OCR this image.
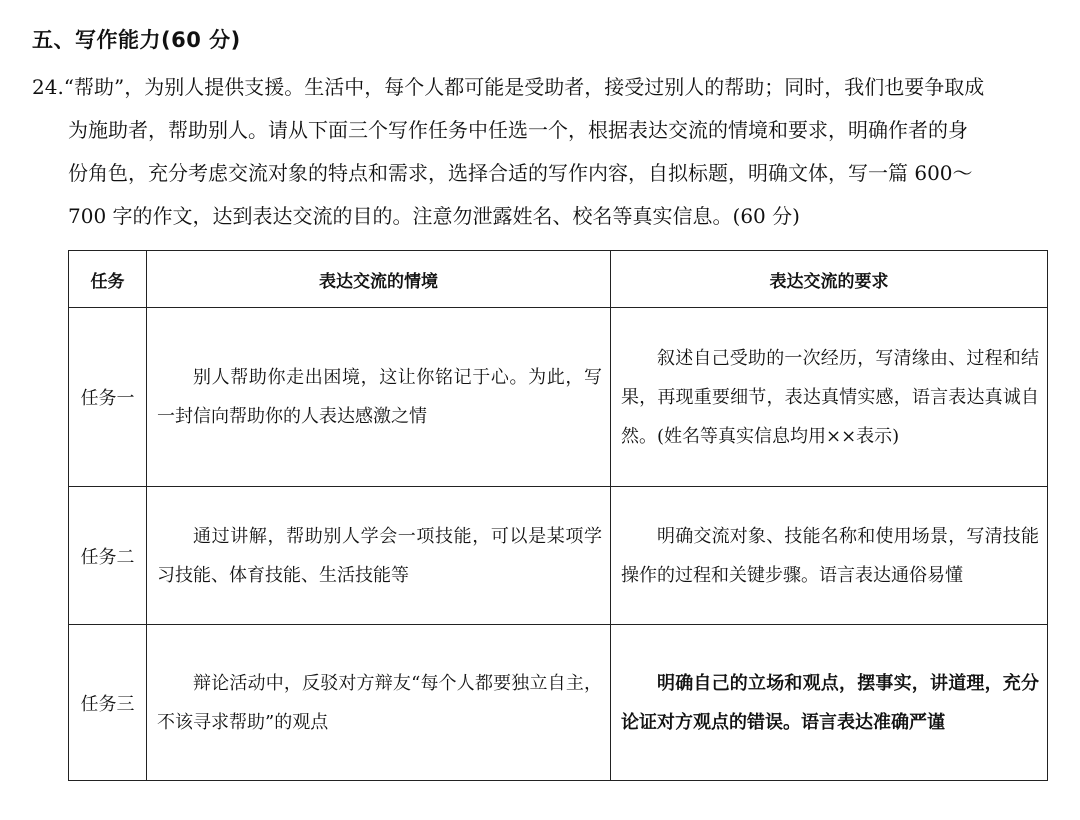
五、写作能力(60 分)
24.“帮助”，为别人提供支援。生活中，每个人都可能是受助者，接受过别人的帮助；同时，我们也要争取成
为施助者，帮助别人。请从下面三个写作任务中任选一个，根据表达交流的情境和要求，明确作者的身
份角色，充分考虑交流对象的特点和需求，选择合适的写作内容，自拟标题，明确文体，写一篇 600～
700 字的作文，达到表达交流的目的。注意勿泄露姓名、校名等真实信息。(60 分)
任务	表达交流的情境	表达交流的要求
任务一	别人帮助你走出困境，这让你铭记于心。为此，写一封信向帮助你的人表达感激之情	叙述自己受助的一次经历，写清缘由、过程和结果，再现重要细节，表达真情实感，语言表达真诚自然。(姓名等真实信息均用××表示)

任务二	通过讲解，帮助别人学会一项技能，可以是某项学习技能、体育技能、生活技能等	明确交流对象、技能名称和使用场景，写清技能操作的过程和关键步骤。语言表达通俗易懂

任务三	辩论活动中，反驳对方辩友“每个人都要独立自主，不该寻求帮助”的观点	明确自己的立场和观点，摆事实，讲道理，充分论证对方观点的错误。语言表达准确严谨
